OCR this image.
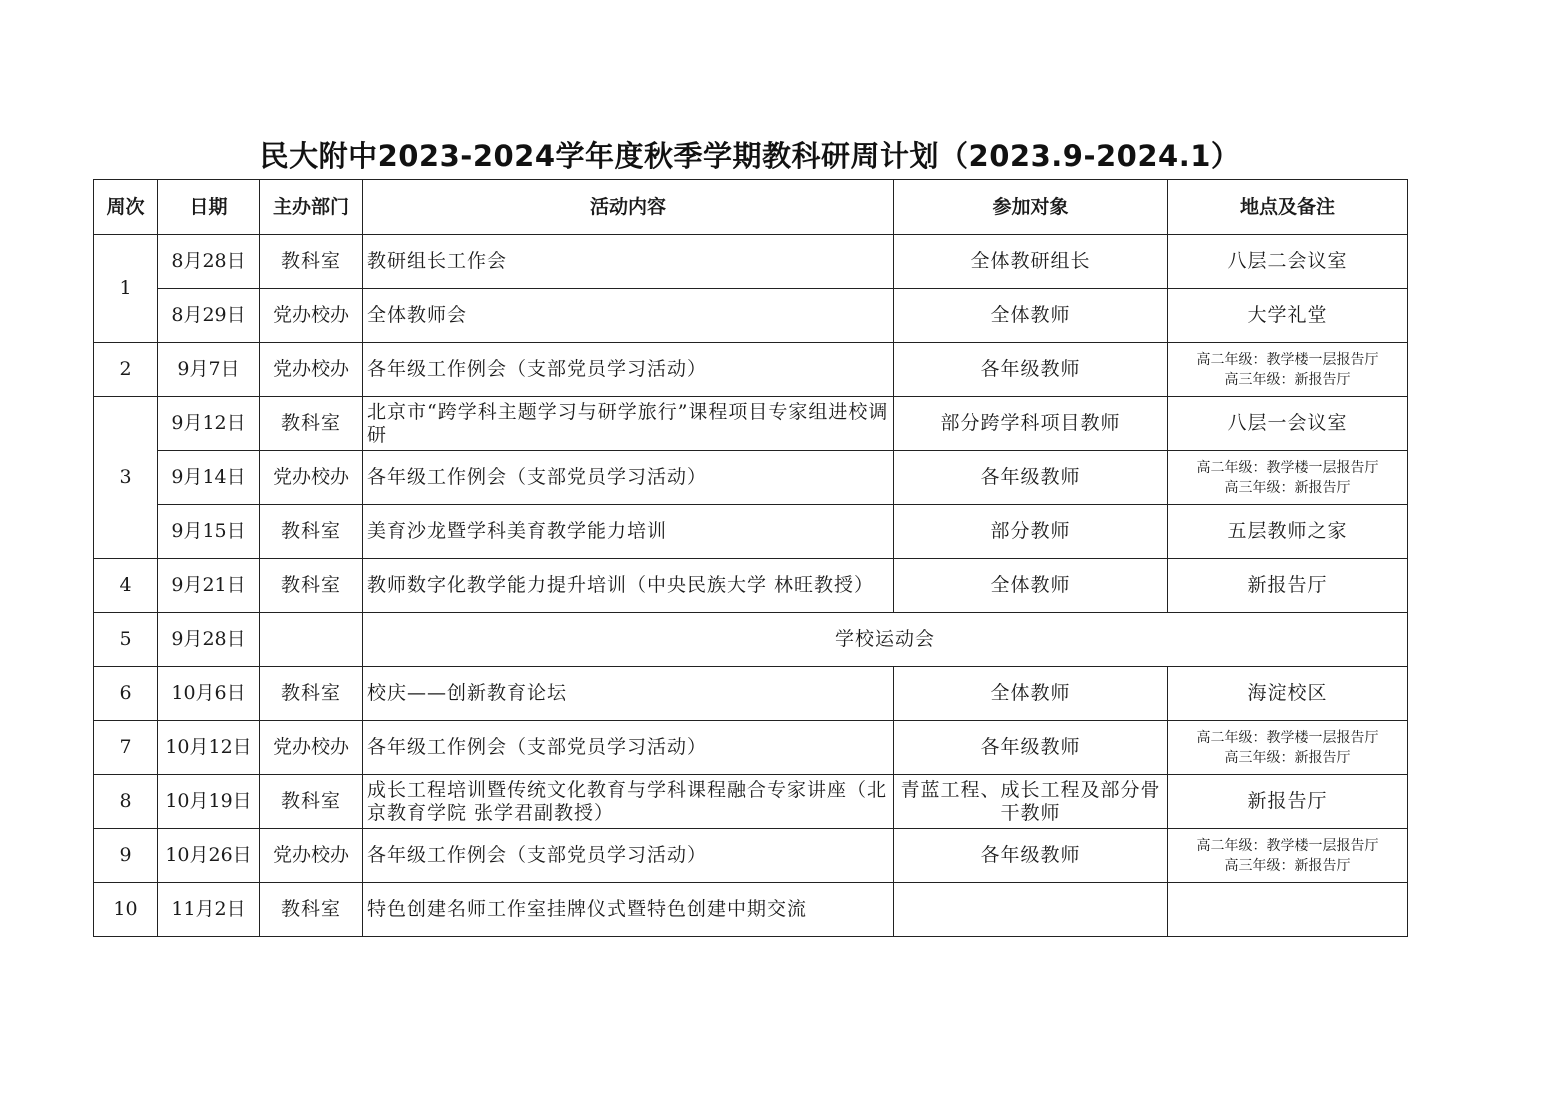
民大附中2023-2024学年度秋季学期教科研周计划（2023.9-2024.1）
周次	日期	主办部门	活动内容	参加对象	地点及备注
1	8月28日	教科室	教研组长工作会	全体教研组长	八层二会议室
	8月29日	党办校办	全体教师会	全体教师	大学礼堂
2	9月7日	党办校办	各年级工作例会（支部党员学习活动）	各年级教师	高二年级：教学楼一层报告厅
高三年级：新报告厅

3	9月12日	教科室	北京市“跨学科主题学习与研学旅行”课程项目专家组进校调研	部分跨学科项目教师	八层一会议室
	9月14日	党办校办	各年级工作例会（支部党员学习活动）	各年级教师	高二年级：教学楼一层报告厅
高三年级：新报告厅

	9月15日	教科室	美育沙龙暨学科美育教学能力培训	部分教师	五层教师之家
4	9月21日	教科室	教师数字化教学能力提升培训（中央民族大学 林旺教授）	全体教师	新报告厅
5	9月28日		学校运动会		
6	10月6日	教科室	校庆——创新教育论坛	全体教师	海淀校区
7	10月12日	党办校办	各年级工作例会（支部党员学习活动）	各年级教师	高二年级：教学楼一层报告厅
高三年级：新报告厅

8	10月19日	教科室	成长工程培训暨传统文化教育与学科课程融合专家讲座（北京教育学院 张学君副教授）	青蓝工程、成长工程及部分骨干教师	新报告厅
9	10月26日	党办校办	各年级工作例会（支部党员学习活动）	各年级教师	高二年级：教学楼一层报告厅
高三年级：新报告厅

10	11月2日	教科室	特色创建名师工作室挂牌仪式暨特色创建中期交流		
